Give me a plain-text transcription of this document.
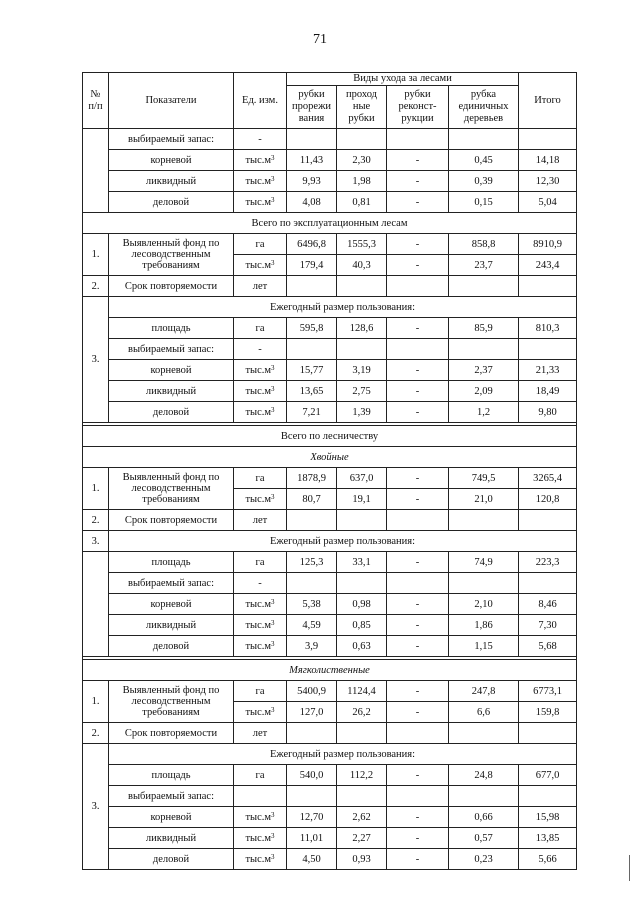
71
№ п/п	Показатели	Ед. изм.	Виды ухода за лесами				Итого
			рубки прорежи вания	проход ные рубки	рубки реконст- рукции	рубка единичных деревьев	
	выбираемый запас:	-					
	корневой	$тыс.м^3$	11,43	2,30	-	0,45	14,18
	ликвидный	$тыс.м^3$	9,93	1,98	-	0,39	12,30
	деловой	$тыс.м^3$	4,08	0,81	-	0,15	5,04
Всего по эксплуатационным лесам							
1.	Выявленный фонд по лесоводственным требованиям	га	6496,8	1555,3	-	858,8	8910,9
		$тыс.м^3$	179,4	40,3	-	23,7	243,4
2.	Срок повторяемости	лет					
3.	Ежегодный размер пользования:						
	площадь	га	595,8	128,6	-	85,9	810,3
	выбираемый запас:	-					
	корневой	$тыс.м^3$	15,77	3,19	-	2,37	21,33
	ликвидный	$тыс.м^3$	13,65	2,75	-	2,09	18,49
	деловой	$тыс.м^3$	7,21	1,39	-	1,2	9,80

Всего по лесничеству							
Хвойные							
1.	Выявленный фонд по лесоводственным требованиям	га	1878,9	637,0	-	749,5	3265,4
		$тыс.м^3$	80,7	19,1	-	21,0	120,8
2.	Срок повторяемости	лет					
3.	Ежегодный размер пользования:						
	площадь	га	125,3	33,1	-	74,9	223,3
	выбираемый запас:	-					
	корневой	$тыс.м^3$	5,38	0,98	-	2,10	8,46
	ликвидный	$тыс.м^3$	4,59	0,85	-	1,86	7,30
	деловой	$тыс.м^3$	3,9	0,63	-	1,15	5,68

Мягколиственные							
1.	Выявленный фонд по лесоводственным требованиям	га	5400,9	1124,4	-	247,8	6773,1
		$тыс.м^3$	127,0	26,2	-	6,6	159,8
2.	Срок повторяемости	лет					
3.	Ежегодный размер пользования:						
	площадь	га	540,0	112,2	-	24,8	677,0
	выбираемый запас:						
	корневой	$тыс.м^3$	12,70	2,62	-	0,66	15,98
	ликвидный	$тыс.м^3$	11,01	2,27	-	0,57	13,85
	деловой	$тыс.м^3$	4,50	0,93	-	0,23	5,66
